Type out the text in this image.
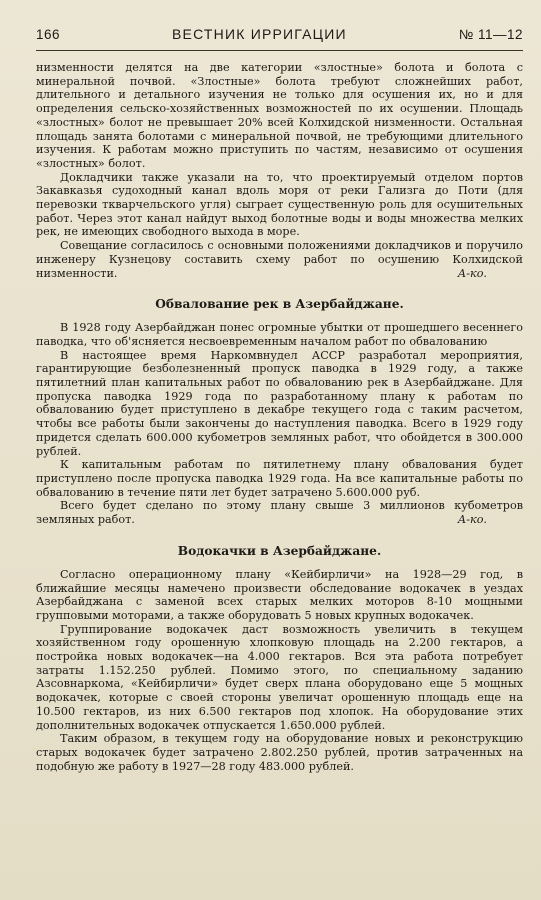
166	ВЕСТНИК ИРРИГАЦИИ	№ 11—12

низменности делятся на две категории «злостные» болота и болота с минеральной почвой. «Злостные» болота требуют сложнейших работ, длительного и детального изучения не только для осушения их, но и для определения сельско-хозяйственных возможностей по их осушении. Площадь «злостных» болот не превышает 20% всей Колхидской низменности. Остальная площадь занята болотами с минеральной почвой, не требующими длительного изучения. К работам можно приступить по частям, независимо от осушения «злостных» болот.

Докладчики также указали на то, что проектируемый отделом портов Закавказья судоходный канал вдоль моря от реки Гализга до Поти (для перевозки ткварчельского угля) сыграет существенную роль для осушительных работ. Через этот канал найдут выход болотные воды и воды множества мелких рек, не имеющих свободного выхода в море.

Совещание согласилось с основными положениями докладчиков и поручило инженеру Кузнецову составить схему работ по осушению Колхидской низменности.	А-ко.

Обвалование рек в Азербайджане.

В 1928 году Азербайджан понес огромные убытки от прошедшего весеннего паводка, что об'ясняется несвоевременным началом работ по обвалованию

В настоящее время Наркомвнудел АССР разработал мероприятия, гарантирующие безболезненный пропуск паводка в 1929 году, а также пятилетний план капитальных работ по обвалованию рек в Азербайджане. Для пропуска паводка 1929 года по разработанному плану к работам по обвалованию будет приступлено в декабре текущего года с таким расчетом, чтобы все работы были закончены до наступления паводка. Всего в 1929 году придется сделать 600.000 кубометров земляных работ, что обойдется в 300.000 рублей.

К капитальным работам по пятилетнему плану обвалования будет приступлено после пропуска паводка 1929 года. На все капитальные работы по обвалованию в течение пяти лет будет затрачено 5.600.000 руб.

Всего будет сделано по этому плану свыше 3 миллионов кубометров земляных работ.	А-ко.

Водокачки в Азербайджане.

Согласно операционному плану «Кейбирличи» на 1928—29 год, в ближайшие месяцы намечено произвести обследование водокачек в уездах Азербайджана с заменой всех старых мелких моторов 8-10 мощными групповыми моторами, а также оборудовать 5 новых крупных водокачек.

Группирование водокачек даст возможность увеличить в текущем хозяйственном году орошенную хлопковую площадь на 2.200 гектаров, а постройка новых водокачек—на 4.000 гектаров. Вся эта работа потребует затраты 1.152.250 рублей. Помимо этого, по специальному заданию Азсовнаркома, «Кейбирличи» будет сверх плана оборудовано еще 5 мощных водокачек, которые с своей стороны увеличат орошенную площадь еще на 10.500 гектаров, из них 6.500 гектаров под хлопок. На оборудование этих дополнительных водокачек отпускается 1.650.000 рублей.

Таким образом, в текущем году на оборудование новых и реконструкцию старых водокачек будет затрачено 2.802.250 рублей, против затраченных на подобную же работу в 1927—28 году 483.000 рублей.
